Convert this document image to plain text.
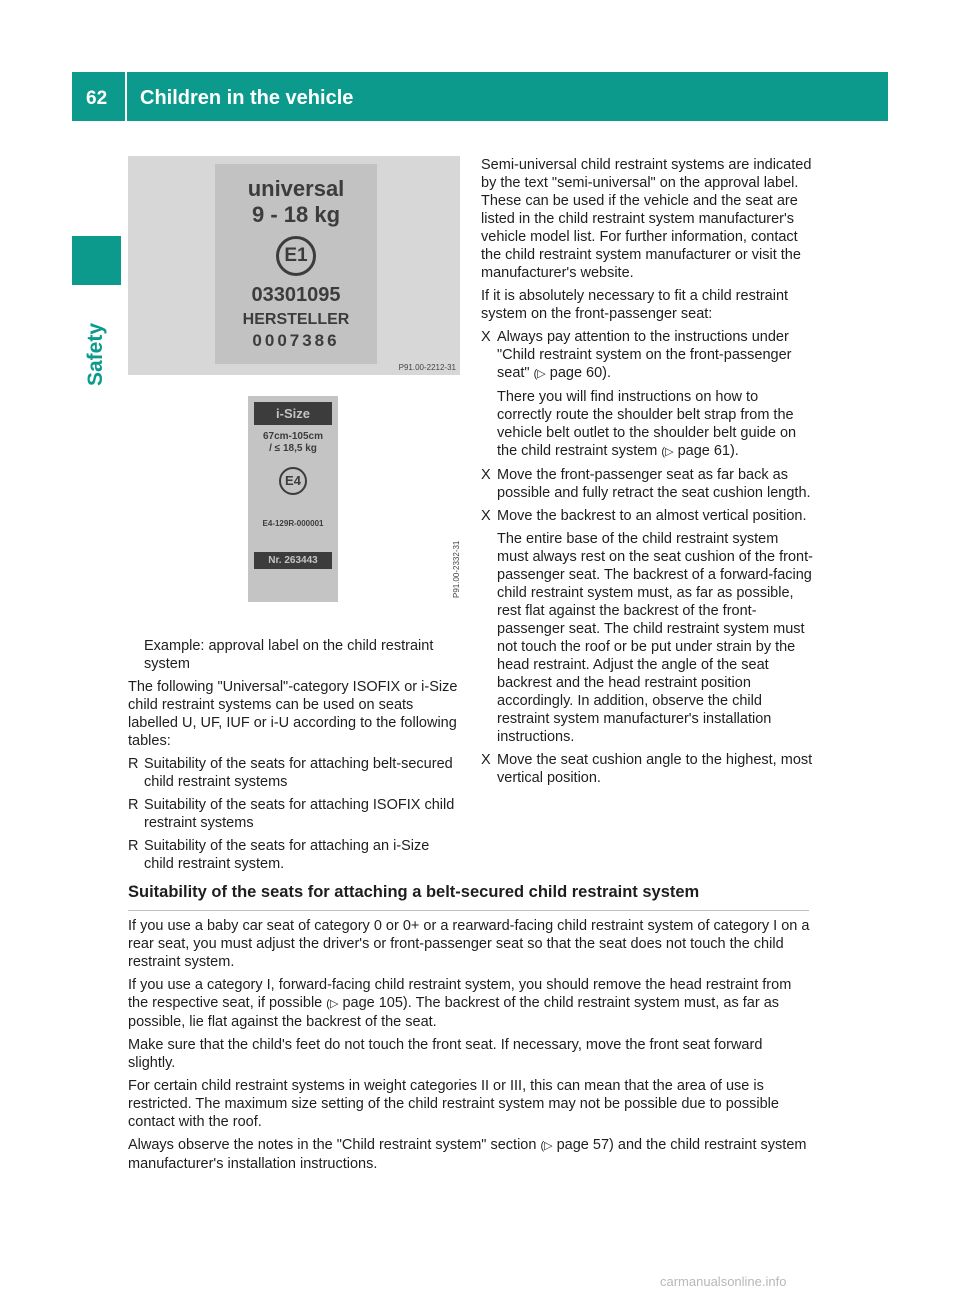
62 Children in the vehicle
Safety
universal
9 - 18 kg
E1
03301095
HERSTELLER
0007386
P91.00-2212-31
i-Size
67cm-105cm
/ ≤ 18,5 kg
E4
E4-129R-000001
Nr. 263443	P91.00-2332-31

Example: approval label on the child restraint system

The following "Universal"-category ISOFIX or i-Size child restraint systems can be used on seats labelled U, UF, IUF or i-U according to the following tables:

R Suitability of the seats for attaching belt-secured child restraint systems
R Suitability of the seats for attaching ISOFIX child restraint systems
R Suitability of the seats for attaching an i-Size child restraint system.

Semi-universal child restraint systems are indicated by the text "semi-universal" on the approval label. These can be used if the vehicle and the seat are listed in the child restraint system manufacturer's vehicle model list. For further information, contact the child restraint system manufacturer or visit the manufacturer's website.

If it is absolutely necessary to fit a child restraint system on the front-passenger seat:

X Always pay attention to the instructions under "Child restraint system on the front-passenger seat" (▷ page 60).
There you will find instructions on how to correctly route the shoulder belt strap from the vehicle belt outlet to the shoulder belt guide on the child restraint system (▷ page 61).
X Move the front-passenger seat as far back as possible and fully retract the seat cushion length.
X Move the backrest to an almost vertical position.
The entire base of the child restraint system must always rest on the seat cushion of the front-passenger seat. The backrest of a forward-facing child restraint system must, as far as possible, rest flat against the backrest of the front-passenger seat. The child restraint system must not touch the roof or be put under strain by the head restraint. Adjust the angle of the seat backrest and the head restraint position accordingly. In addition, observe the child restraint system manufacturer's installation instructions.
X Move the seat cushion angle to the highest, most vertical position.
Suitability of the seats for attaching a belt-secured child restraint system

If you use a baby car seat of category 0 or 0+ or a rearward-facing child restraint system of category I on a rear seat, you must adjust the driver's or front-passenger seat so that the seat does not touch the child restraint system.

If you use a category I, forward-facing child restraint system, you should remove the head restraint from the respective seat, if possible (▷ page 105). The backrest of the child restraint system must, as far as possible, lie flat against the backrest of the seat.

Make sure that the child's feet do not touch the front seat. If necessary, move the front seat forward slightly.

For certain child restraint systems in weight categories II or III, this can mean that the area of use is restricted. The maximum size setting of the child restraint system may not be possible due to possible contact with the roof.

Always observe the notes in the "Child restraint system" section (▷ page 57) and the child restraint system manufacturer's installation instructions.

carmanualsonline.info
